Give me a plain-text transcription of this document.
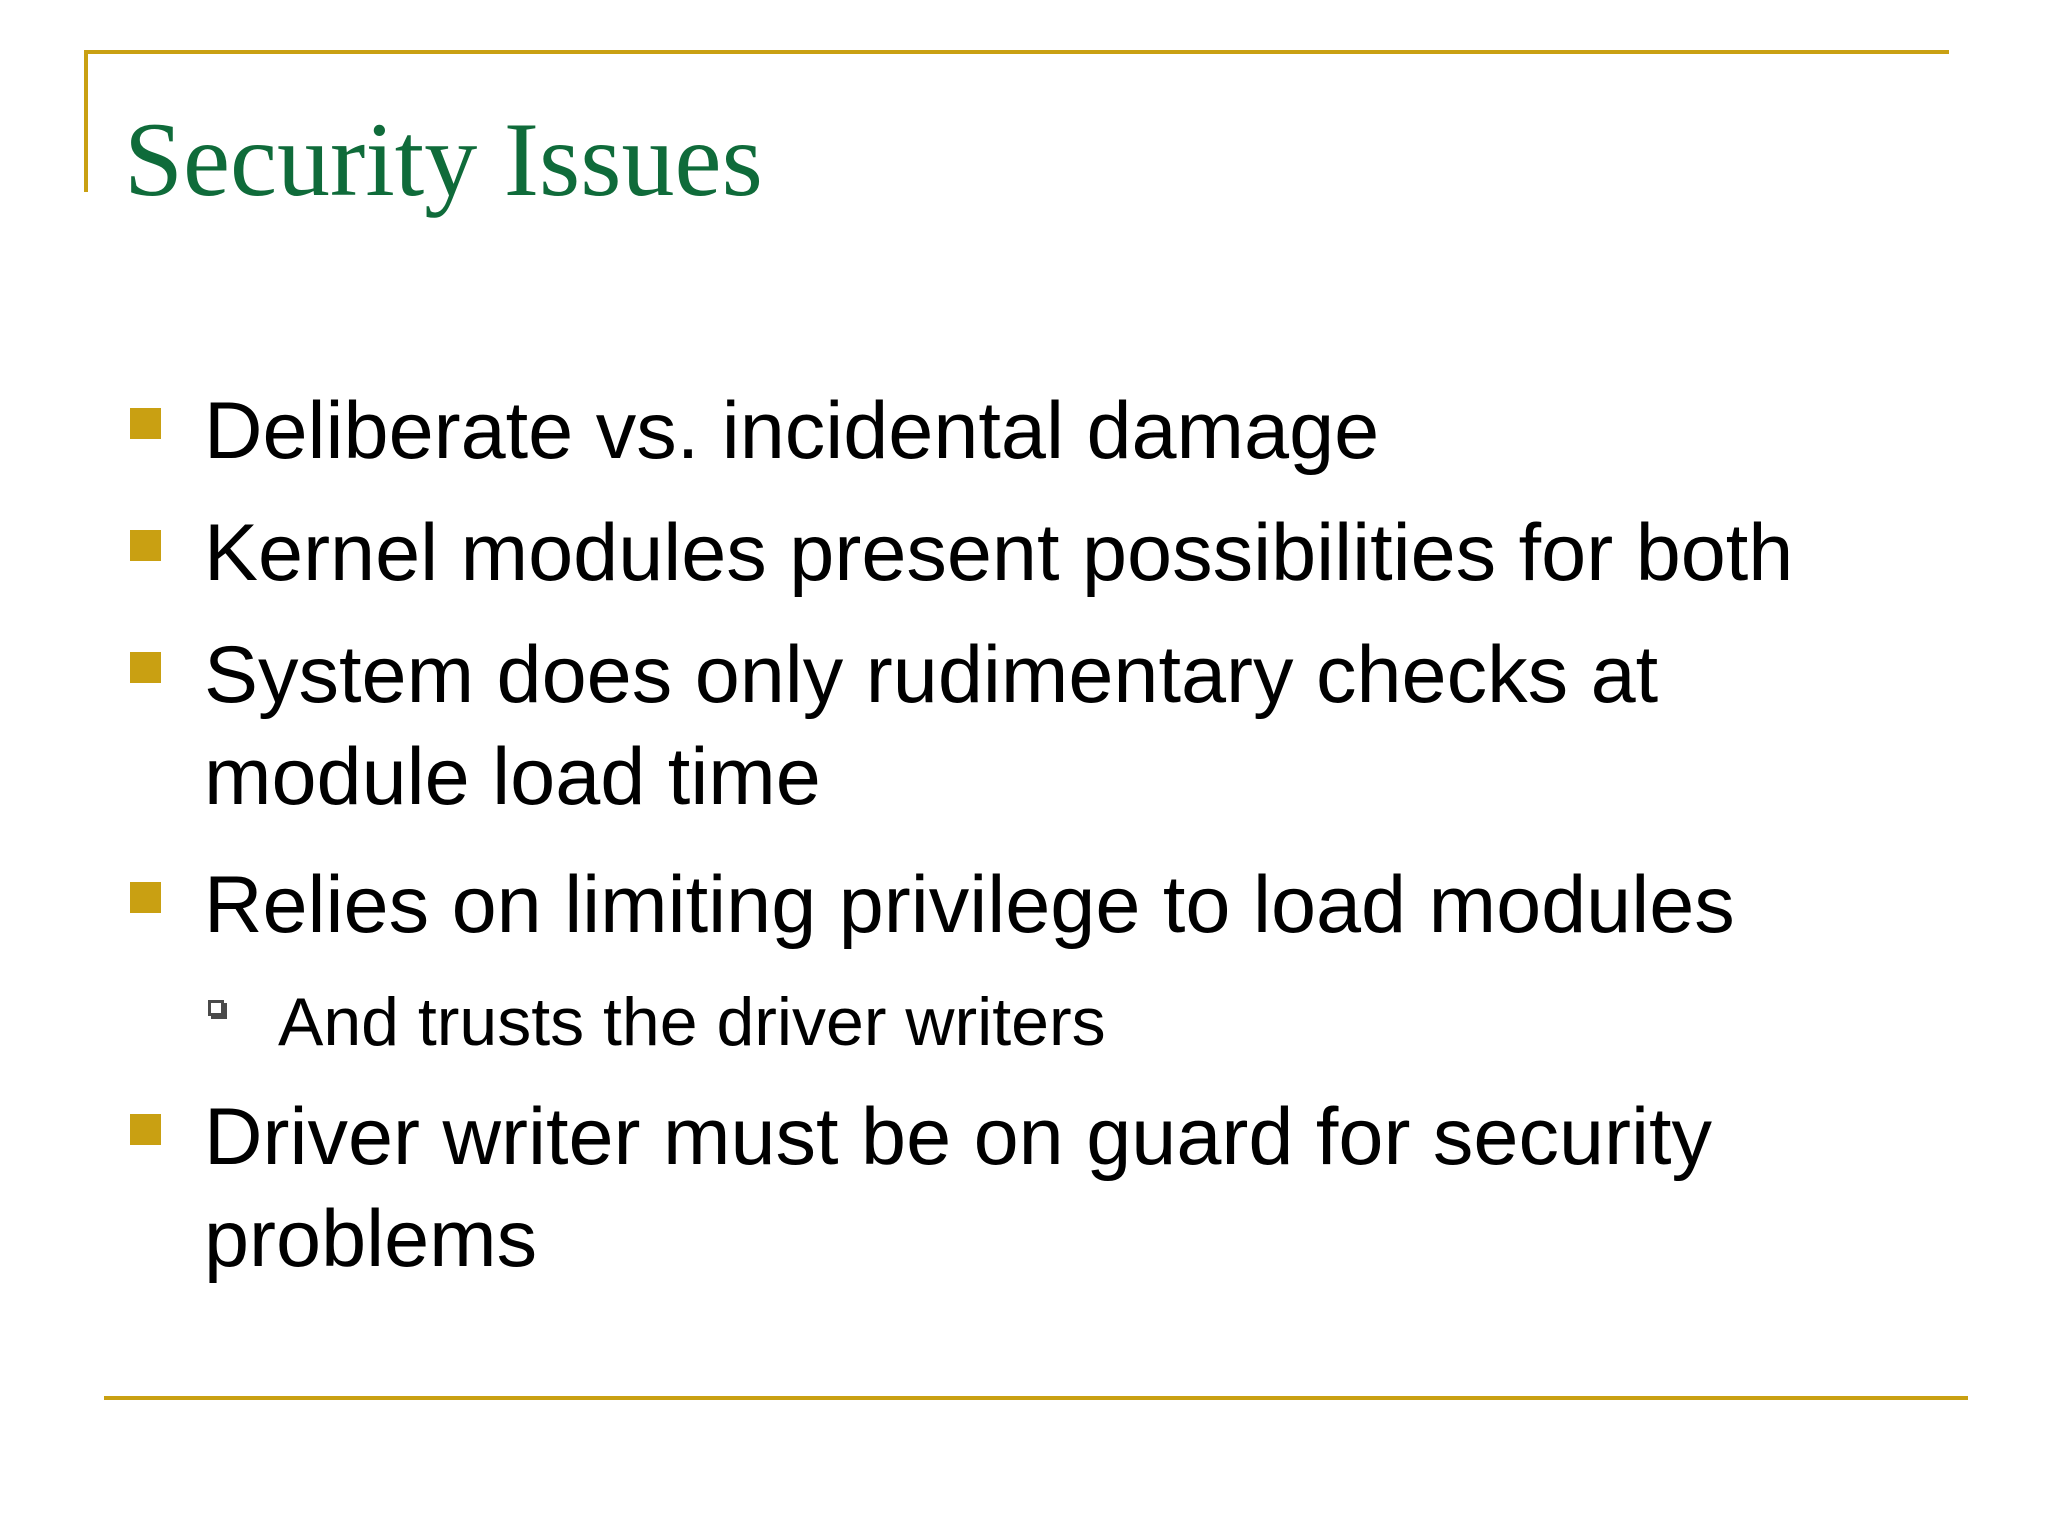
Security Issues
Deliberate vs. incidental damage
Kernel modules present possibilities for both
System does only rudimentary checks at
module load time
Relies on limiting privilege to load modules
And trusts the driver writers
Driver writer must be on guard for security
problems
